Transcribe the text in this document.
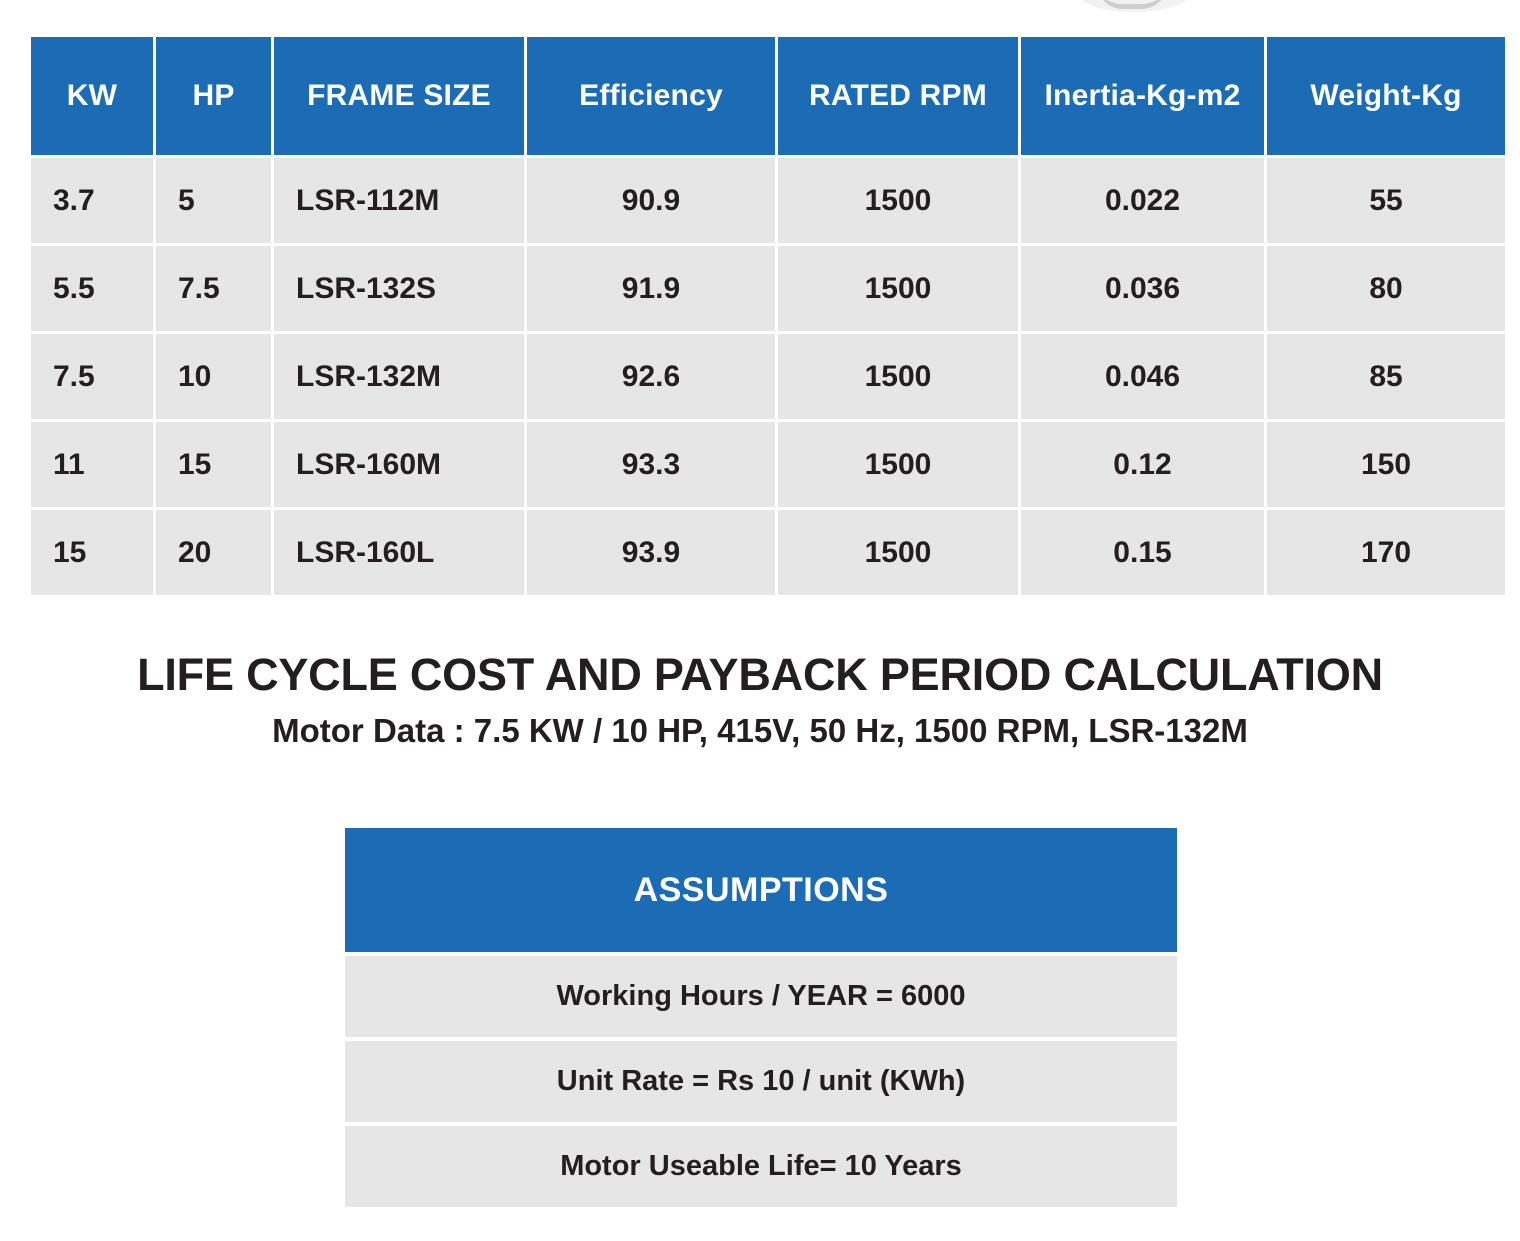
KW	HP	FRAME SIZE	Efficiency	RATED RPM	Inertia-Kg-m2	Weight-Kg
3.7	5	LSR-112M	90.9	1500	0.022	55
5.5	7.5	LSR-132S	91.9	1500	0.036	80
7.5	10	LSR-132M	92.6	1500	0.046	85
11	15	LSR-160M	93.3	1500	0.12	150
15	20	LSR-160L	93.9	1500	0.15	170
LIFE CYCLE COST AND PAYBACK PERIOD CALCULATION
Motor Data : 7.5 KW / 10 HP, 415V, 50 Hz, 1500 RPM, LSR-132M
ASSUMPTIONS
Working Hours / YEAR = 6000
Unit Rate = Rs 10 / unit (KWh)
Motor Useable Life= 10 Years
